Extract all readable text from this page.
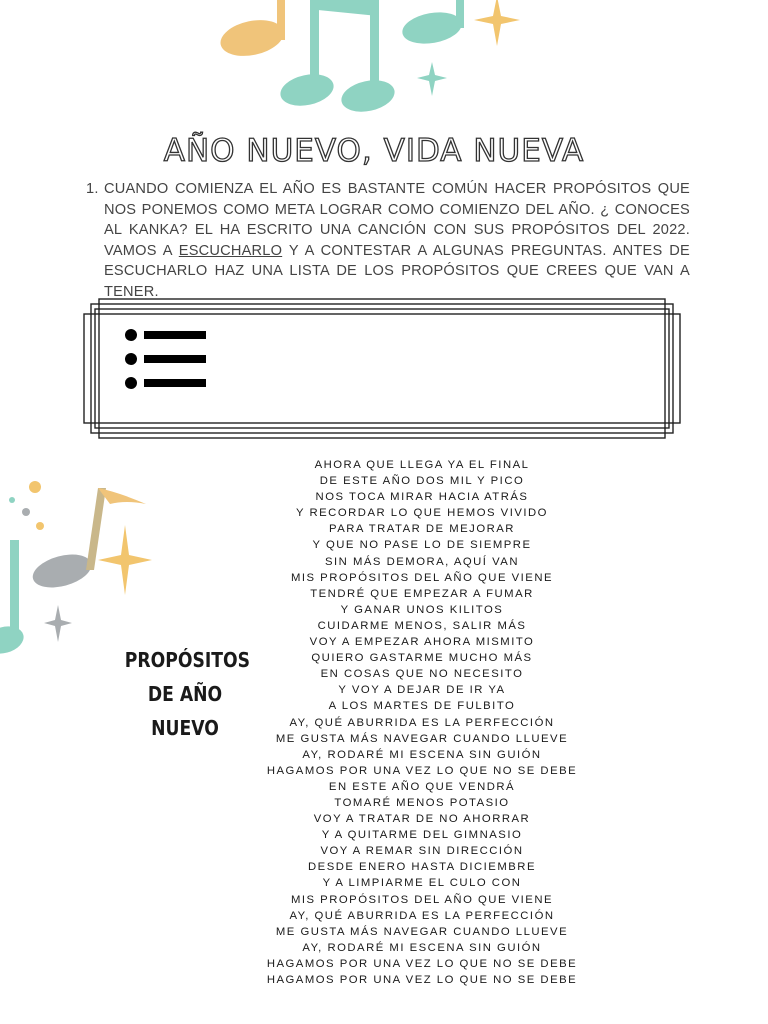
AÑO NUEVO, VIDA NUEVA
1. CUANDO COMIENZA EL AÑO ES BASTANTE COMÚN HACER PROPÓSITOS QUE NOS PONEMOS COMO META LOGRAR COMO COMIENZO DEL AÑO. ¿ CONOCES AL KANKA? EL HA ESCRITO UNA CANCIÓN CON SUS PROPÓSITOS DEL 2022. VAMOS A ESCUCHARLO Y A CONTESTAR A ALGUNAS PREGUNTAS. ANTES DE ESCUCHARLO HAZ UNA LISTA DE LOS PROPÓSITOS QUE CREES QUE VAN A TENER.
PROPÓSITOS
DE AÑO
NUEVO
AHORA QUE LLEGA YA EL FINAL
DE ESTE AÑO DOS MIL Y PICO
NOS TOCA MIRAR HACIA ATRÁS
Y RECORDAR LO QUE HEMOS VIVIDO
PARA TRATAR DE MEJORAR
Y QUE NO PASE LO DE SIEMPRE
SIN MÁS DEMORA, AQUÍ VAN
MIS PROPÓSITOS DEL AÑO QUE VIENE
TENDRÉ QUE EMPEZAR A FUMAR
Y GANAR UNOS KILITOS
CUIDARME MENOS, SALIR MÁS
VOY A EMPEZAR AHORA MISMITO
QUIERO GASTARME MUCHO MÁS
EN COSAS QUE NO NECESITO
Y VOY A DEJAR DE IR YA
A LOS MARTES DE FULBITO
AY, QUÉ ABURRIDA ES LA PERFECCIÓN
ME GUSTA MÁS NAVEGAR CUANDO LLUEVE
AY, RODARÉ MI ESCENA SIN GUIÓN
HAGAMOS POR UNA VEZ LO QUE NO SE DEBE
EN ESTE AÑO QUE VENDRÁ
TOMARÉ MENOS POTASIO
VOY A TRATAR DE NO AHORRAR
Y A QUITARME DEL GIMNASIO
VOY A REMAR SIN DIRECCIÓN
DESDE ENERO HASTA DICIEMBRE
Y A LIMPIARME EL CULO CON
MIS PROPÓSITOS DEL AÑO QUE VIENE
AY, QUÉ ABURRIDA ES LA PERFECCIÓN
ME GUSTA MÁS NAVEGAR CUANDO LLUEVE
AY, RODARÉ MI ESCENA SIN GUIÓN
HAGAMOS POR UNA VEZ LO QUE NO SE DEBE
HAGAMOS POR UNA VEZ LO QUE NO SE DEBE
